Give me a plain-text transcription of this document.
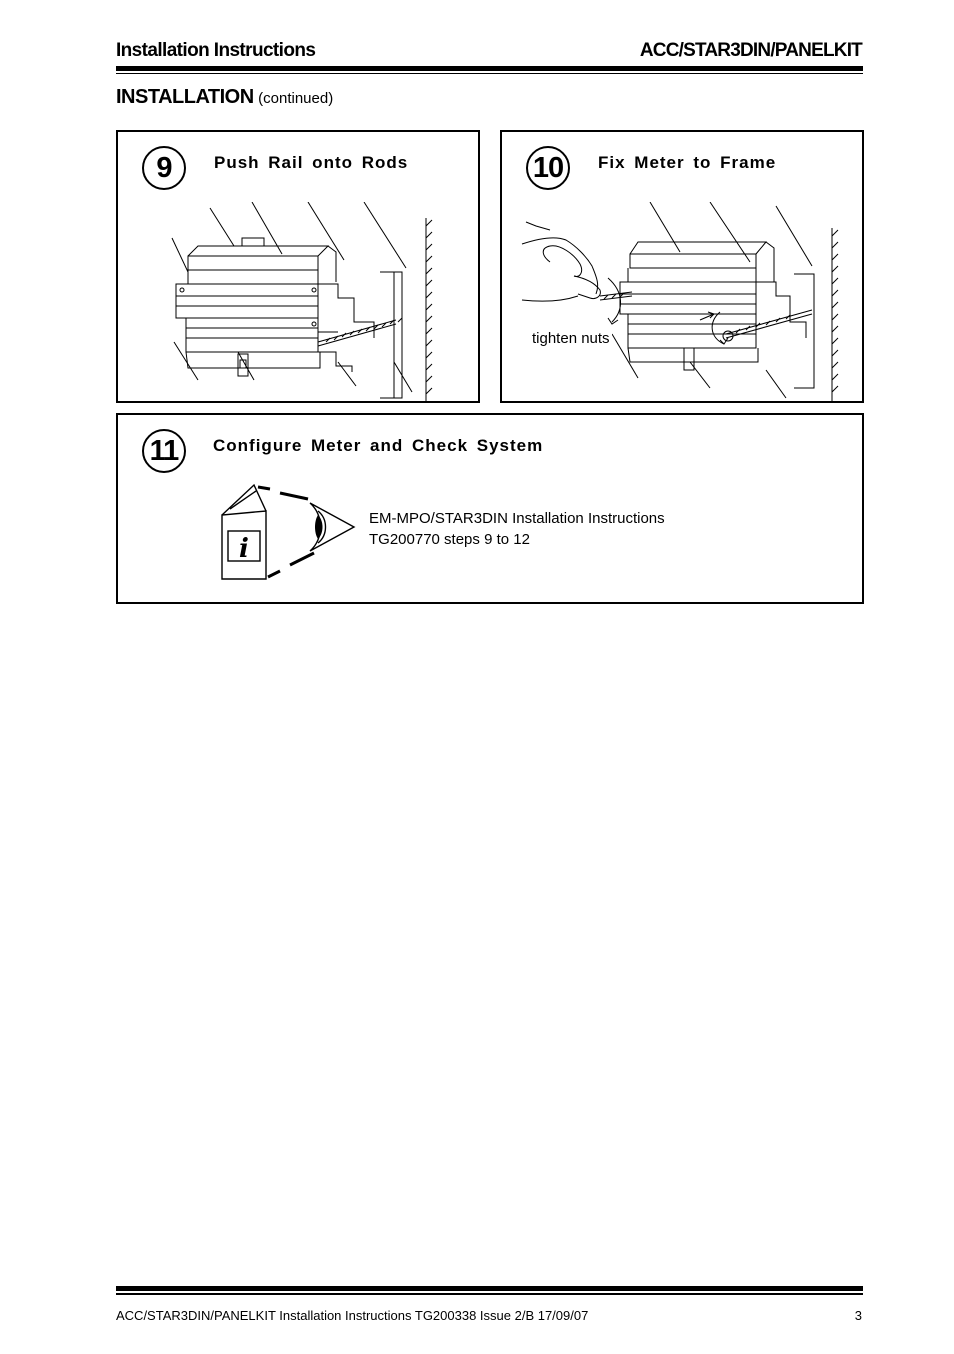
Installation Instructions	ACC/STAR3DIN/PANELKIT
INSTALLATION (continued)
9	Push Rail onto Rods	10	Fix Meter to Frame
tighten nuts
11	Configure Meter and Check System
i
EM-MPO/STAR3DIN Installation Instructions
TG200770 steps 9 to 12
ACC/STAR3DIN/PANELKIT Installation Instructions TG200338 Issue 2/B 17/09/07	3
